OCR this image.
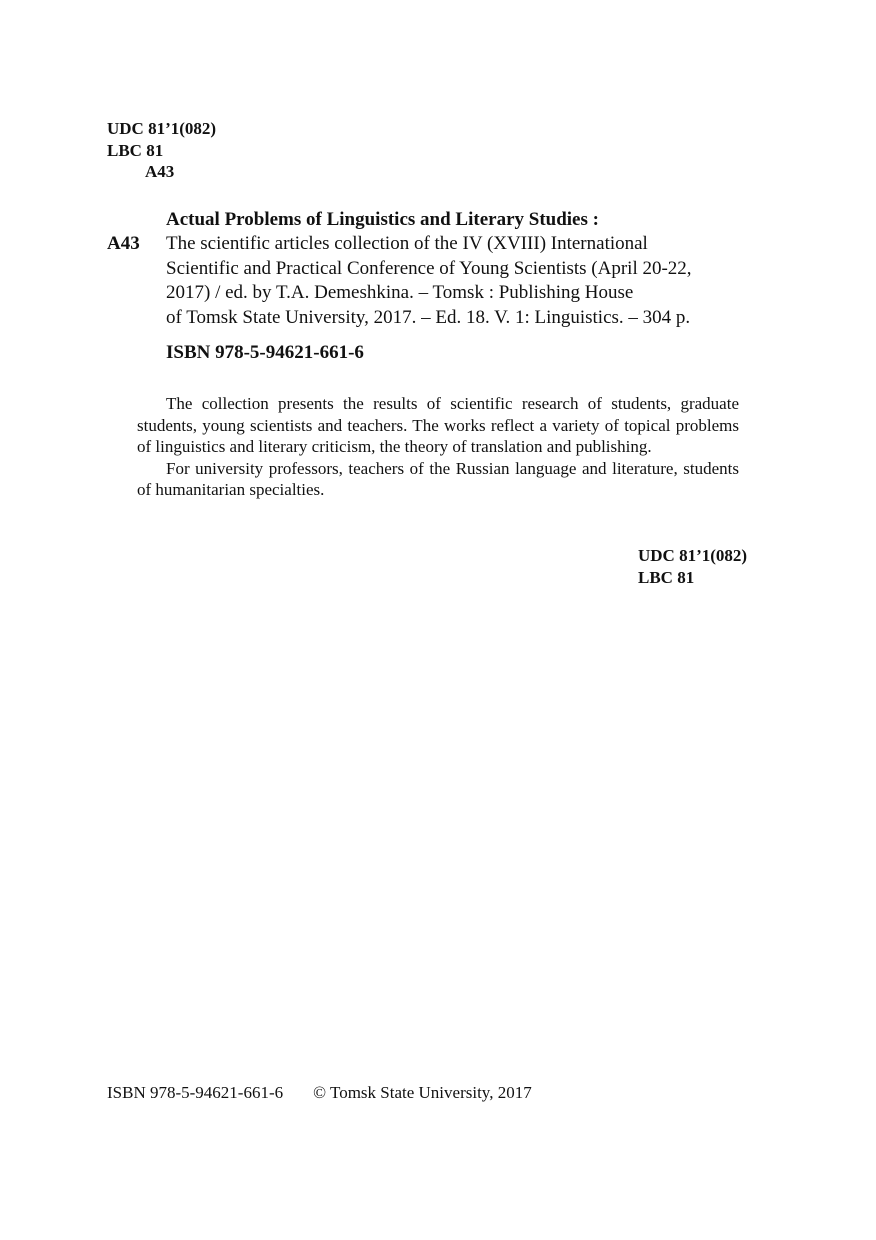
UDC 81’1(082)
LBC 81
A43
Actual Problems of Linguistics and Literary Studies :
A43 The scientific articles collection of the IV (XVIII) International
Scientific and Practical Conference of Young Scientists (April 20-22,
2017) / ed. by T.A. Demeshkina. – Tomsk : Publishing House
of Tomsk State University, 2017. – Ed. 18. V. 1: Linguistics. – 304 p.
ISBN 978-5-94621-661-6

The collection presents the results of scientific research of students, graduate students, young scientists and teachers. The works reflect a variety of topical problems of linguistics and literary criticism, the theory of translation and publishing.

For university professors, teachers of the Russian language and literature, students of humanitarian specialties.

UDC 81’1(082)
LBC 81
ISBN 978-5-94621-661-6 © Tomsk State University, 2017
